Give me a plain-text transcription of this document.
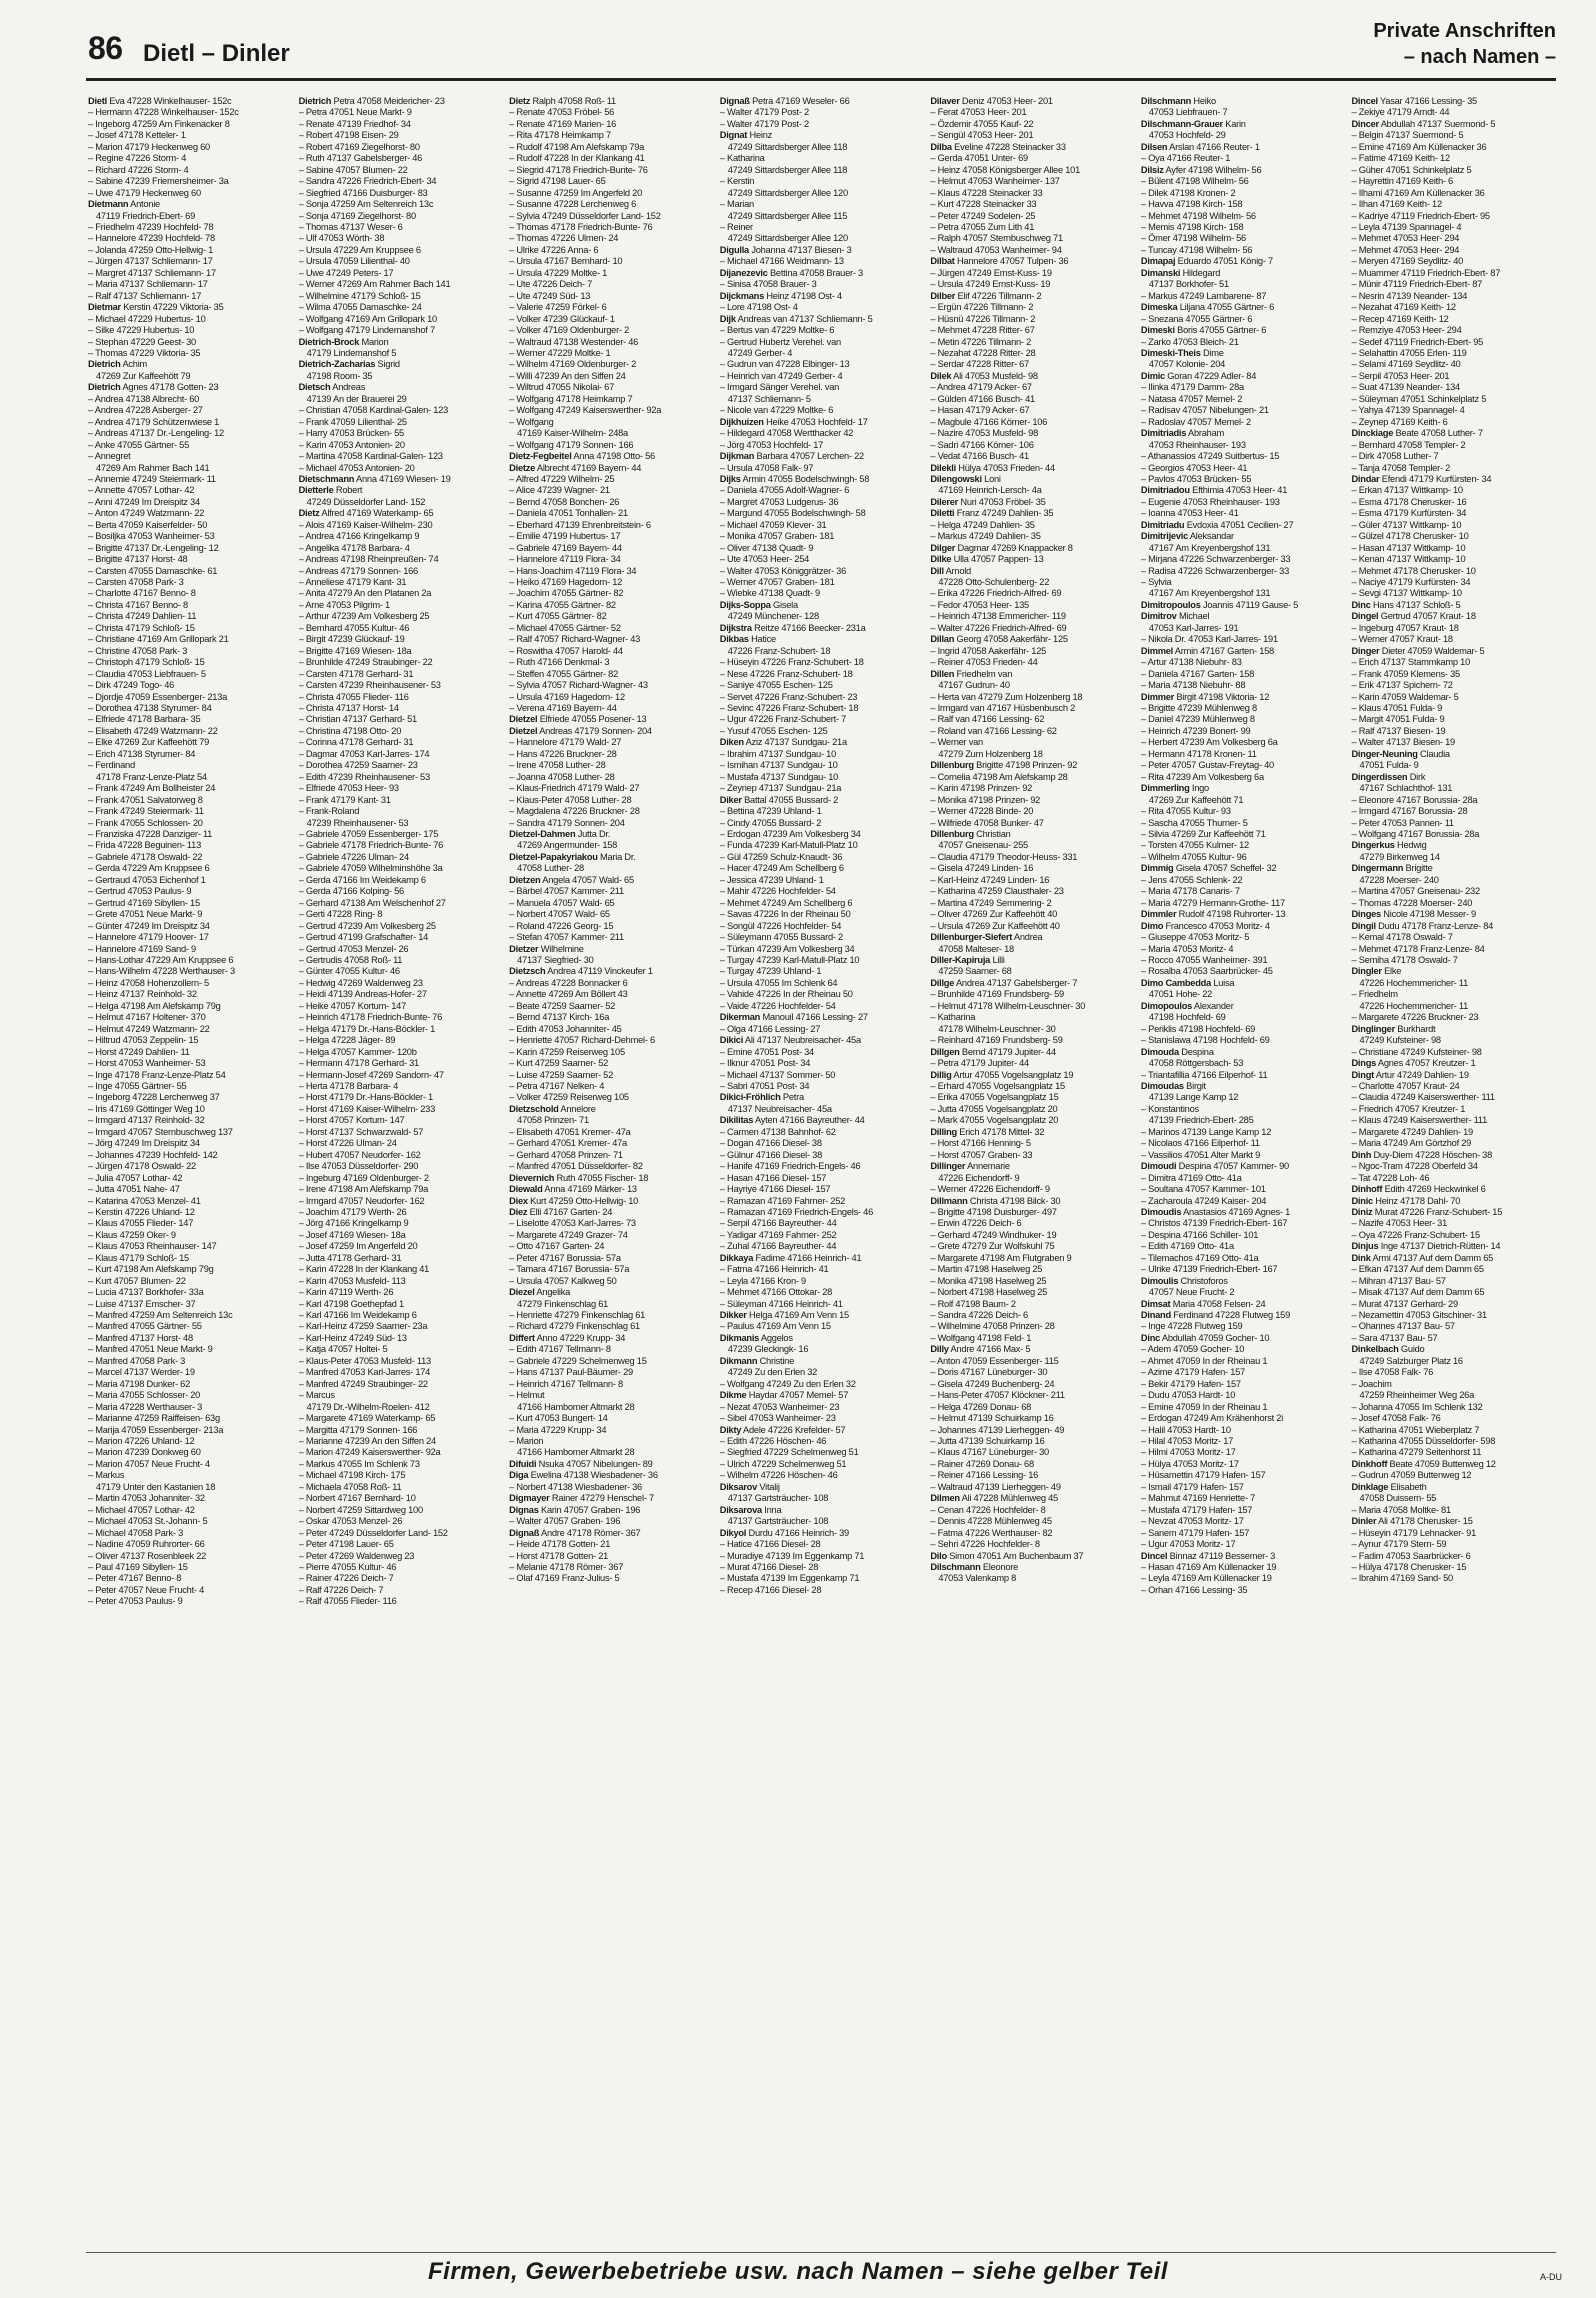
86 Dietl – Dinler
Private Anschriften
– nach Namen –
Dietl Eva 47228 Winkelhauser- 152c
– Hermann 47228 Winkelhauser- 152c
– Ingeborg 47259 Am Finkenacker 8
– Josef 47178 Ketteler- 1
– Marion 47179 Heckenweg 60
– Regine 47226 Storm- 4
– Richard 47226 Storm- 4
– Sabine 47239 Friemersheimer- 3a
– Uwe 47179 Heckenweg 60
Dietmann Antonie
47119 Friedrich-Ebert- 69
– Friedhelm 47239 Hochfeld- 78
– Hannelore 47239 Hochfeld- 78
– Jolanda 47259 Otto-Hellwig- 1
– Jürgen 47137 Schliemann- 17
– Margret 47137 Schliemann- 17
– Maria 47137 Schliemann- 17
– Ralf 47137 Schliemann- 17
Dietmar Kerstin 47229 Viktoria- 35
– Michael 47229 Hubertus- 10
– Silke 47229 Hubertus- 10
– Stephan 47229 Geest- 30
– Thomas 47229 Viktoria- 35
Dietrich Achim
47269 Zur Kaffeehött 79
Dietrich Agnes 47178 Gotten- 23
– Andrea 47138 Albrecht- 60
– Andrea 47228 Asberger- 27
– Andrea 47179 Schützenwiese 1
– Andreas 47137 Dr.-Lengeling- 12
– Anke 47055 Gärtner- 55
– Annegret
47269 Am Rahmer Bach 141
– Annemie 47249 Steiermark- 11
– Annette 47057 Lothar- 42
– Anni 47249 Im Dreispitz 34
– Anton 47249 Watzmann- 22
– Berta 47059 Kaiserfelder- 50
– Bosiljka 47053 Wanheimer- 53
– Brigitte 47137 Dr.-Lengeling- 12
– Brigitte 47137 Horst- 48
– Carsten 47055 Damaschke- 61
– Carsten 47058 Park- 3
– Charlotte 47167 Benno- 8
– Christa 47167 Benno- 8
– Christa 47249 Dahlien- 11
– Christa 47179 Schloß- 15
– Christiane 47169 Am Grillopark 21
– Christine 47058 Park- 3
– Christoph 47179 Schloß- 15
– Claudia 47053 Liebfrauen- 5
– Dirk 47249 Togo- 46
– Djordje 47059 Essenberger- 213a
– Dorothea 47138 Styrumer- 84
– Elfriede 47178 Barbara- 35
– Elisabeth 47249 Watzmann- 22
– Elke 47269 Zur Kaffeehött 79
– Erich 47138 Styrumer- 84
– Ferdinand
47178 Franz-Lenze-Platz 54
– Frank 47249 Am Bollheister 24
– Frank 47051 Salvatorweg 8
– Frank 47249 Steiermark- 11
– Frank 47055 Schlossen- 20
– Franziska 47228 Danziger- 11
– Frida 47228 Beguinen- 113
– Gabriele 47178 Oswald- 22
– Gerda 47229 Am Kruppsee 6
– Gertraud 47053 Eichenhof 1
– Gertrud 47053 Paulus- 9
– Gertrud 47169 Sibyllen- 15
– Grete 47051 Neue Markt- 9
– Günter 47249 Im Dreispitz 34
– Hannelore 47179 Hoover- 17
– Hannelore 47169 Sand- 9
– Hans-Lothar 47229 Am Kruppsee 6
– Hans-Wilhelm 47228 Werthauser- 3
– Heinz 47058 Hohenzollern- 5
– Heinz 47137 Reinhold- 32
– Helga 47198 Am Alefskamp 79g
– Helmut 47167 Holtener- 370
– Helmut 47249 Watzmann- 22
– Hiltrud 47053 Zeppelin- 15
– Horst 47249 Dahlien- 11
– Horst 47053 Wanheimer- 53
– Inge 47178 Franz-Lenze-Platz 54
– Inge 47055 Gärtner- 55
– Ingeborg 47228 Lerchenweg 37
– Iris 47169 Göttinger Weg 10
– Irmgard 47137 Reinhold- 32
– Irmgard 47057 Sternbuschweg 137
– Jörg 47249 Im Dreispitz 34
– Johannes 47239 Hochfeld- 142
– Jürgen 47178 Oswald- 22
– Julia 47057 Lothar- 42
– Jutta 47051 Nahe- 47
– Katarina 47053 Menzel- 41
– Kerstin 47226 Uhland- 12
– Klaus 47055 Flieder- 147
– Klaus 47259 Oker- 9
– Klaus 47053 Rheinhauser- 147
– Klaus 47179 Schloß- 15
– Kurt 47198 Am Alefskamp 79g
– Kurt 47057 Blumen- 22
– Lucia 47137 Borkhofer- 33a
– Luise 47137 Emscher- 37
– Manfred 47259 Am Seltenreich 13c
– Manfred 47055 Gärtner- 55
– Manfred 47137 Horst- 48
– Manfred 47051 Neue Markt- 9
– Manfred 47058 Park- 3
– Marcel 47137 Werder- 19
– Maria 47198 Dunker- 62
– Maria 47055 Schlosser- 20
– Maria 47228 Werthauser- 3
– Marianne 47259 Raiffeisen- 63g
– Marija 47059 Essenberger- 213a
– Marion 47226 Uhland- 12
– Marion 47239 Donkweg 60
– Marion 47057 Neue Frucht- 4
– Markus
47179 Unter den Kastanien 18
– Martin 47053 Johanniter- 32
– Michael 47057 Lothar- 42
– Michael 47053 St.-Johann- 5
– Michael 47058 Park- 3
– Nadine 47059 Ruhrorter- 66
– Oliver 47137 Rosenbleek 22
– Paul 47169 Sibyllen- 15
– Peter 47167 Benno- 8
– Peter 47057 Neue Frucht- 4
– Peter 47053 Paulus- 9
Dietrich Petra 47058 Meidericher- 23
– Petra 47051 Neue Markt- 9
– Renate 47139 Friedhof- 34
– Robert 47198 Eisen- 29
– Robert 47169 Ziegelhorst- 80
– Ruth 47137 Gabelsberger- 46
– Sabine 47057 Blumen- 22
– Sandra 47226 Friedrich-Ebert- 34
– Siegfried 47166 Duisburger- 83
– Sonja 47259 Am Seltenreich 13c
– Sonja 47169 Ziegelhorst- 80
– Thomas 47137 Weser- 6
– Ulf 47053 Wörth- 38
– Ursula 47229 Am Kruppsee 6
– Ursula 47059 Lilienthal- 40
– Uwe 47249 Peters- 17
– Werner 47269 Am Rahmer Bach 141
– Wilhelmine 47179 Schloß- 15
– Wilma 47055 Damaschke- 24
– Wolfgang 47169 Am Grillopark 10
– Wolfgang 47179 Lindemanshof 7
Dietrich-Brock Marion
47179 Lindemanshof 5
Dietrich-Zacharias Sigrid
47198 Room- 35
Dietsch Andreas
47139 An der Brauerei 29
– Christian 47058 Kardinal-Galen- 123
– Frank 47059 Lilienthal- 25
– Harry 47053 Brücken- 55
– Karin 47053 Antonien- 20
– Martina 47058 Kardinal-Galen- 123
– Michael 47053 Antonien- 20
Dietschmann Anna 47169 Wiesen- 19
Dietterle Robert
47249 Düsseldorfer Land- 152
Dietz Alfred 47169 Waterkamp- 65
– Alois 47169 Kaiser-Wilhelm- 230
– Andrea 47166 Kringelkamp 9
– Angelika 47178 Barbara- 4
– Andreas 47198 Rheinpreußen- 74
– Andreas 47179 Sonnen- 166
– Anneliese 47179 Kant- 31
– Anita 47279 An den Platanen 2a
– Arne 47053 Pilgrim- 1
– Arthur 47239 Am Volkesberg 25
– Bernhard 47055 Kultur- 46
– Birgit 47239 Glückauf- 19
– Brigitte 47169 Wiesen- 18a
– Brunhilde 47249 Straubinger- 22
– Carsten 47178 Gerhard- 31
– Carsten 47239 Rheinhausener- 53
– Christa 47055 Flieder- 116
– Christa 47137 Horst- 14
– Christian 47137 Gerhard- 51
– Christina 47198 Otto- 20
– Corinna 47178 Gerhard- 31
– Dagmar 47053 Karl-Jarres- 174
– Dorothea 47259 Saarner- 23
– Edith 47239 Rheinhausener- 53
– Elfriede 47053 Heer- 93
– Frank 47179 Kant- 31
– Frank-Roland
47239 Rheinhausener- 53
– Gabriele 47059 Essenberger- 175
– Gabriele 47178 Friedrich-Bunte- 76
– Gabriele 47226 Ulman- 24
– Gabriele 47059 Wilhelminshöhe 3a
– Gerda 47166 Im Weidekamp 6
– Gerda 47166 Kolping- 56
– Gerhard 47138 Am Welschenhof 27
– Gerti 47228 Ring- 8
– Gertrud 47239 Am Volkesberg 25
– Gertrud 47199 Grafschafter- 14
– Gertrud 47053 Menzel- 26
– Gertrudis 47058 Roß- 11
– Günter 47055 Kultur- 46
– Hedwig 47269 Waldenweg 23
– Heidi 47139 Andreas-Hofer- 27
– Heike 47057 Kortum- 147
– Heinrich 47178 Friedrich-Bunte- 76
– Helga 47179 Dr.-Hans-Böckler- 1
– Helga 47228 Jäger- 89
– Helga 47057 Kammer- 120b
– Hermann 47178 Gerhard- 31
– Hermann-Josef 47269 Sandorn- 47
– Herta 47178 Barbara- 4
– Horst 47179 Dr.-Hans-Böckler- 1
– Horst 47169 Kaiser-Wilhelm- 233
– Horst 47057 Kortum- 147
– Horst 47137 Schwarzwald- 57
– Horst 47226 Ulman- 24
– Hubert 47057 Neudorfer- 162
– Ilse 47053 Düsseldorfer- 290
– Ingeburg 47169 Oldenburger- 2
– Irene 47198 Am Alefskamp 79a
– Irmgard 47057 Neudorfer- 162
– Joachim 47179 Werth- 26
– Jörg 47166 Kringelkamp 9
– Josef 47169 Wiesen- 18a
– Josef 47259 Im Angerfeld 20
– Jutta 47178 Gerhard- 31
– Karin 47228 In der Klankang 41
– Karin 47053 Musfeld- 113
– Karin 47119 Werth- 26
– Karl 47198 Goethepfad 1
– Karl 47166 Im Weidekamp 6
– Karl-Heinz 47259 Saarner- 23a
– Karl-Heinz 47249 Süd- 13
– Katja 47057 Holtei- 5
– Klaus-Peter 47053 Musfeld- 113
– Manfred 47053 Karl-Jarres- 174
– Manfred 47249 Straubinger- 22
– Marcus
47179 Dr.-Wilhelm-Roelen- 412
– Margarete 47169 Waterkamp- 65
– Margitta 47179 Sonnen- 166
– Marianne 47239 An den Siffen 24
– Marion 47249 Kaiserswerther- 92a
– Markus 47055 Im Schlenk 73
– Michael 47198 Kirch- 175
– Michaela 47058 Roß- 11
– Norbert 47167 Bernhard- 10
– Norbert 47259 Sittardweg 100
– Oskar 47053 Menzel- 26
– Peter 47249 Düsseldorfer Land- 152
– Peter 47198 Lauer- 65
– Peter 47269 Waldenweg 23
– Pierre 47055 Kultur- 46
– Rainer 47226 Deich- 7
– Ralf 47226 Deich- 7
– Ralf 47055 Flieder- 116
Dietz Ralph 47058 Roß- 11
– Renate 47053 Fröbel- 56
– Renate 47169 Marien- 16
– Rita 47178 Heimkamp 7
– Rudolf 47198 Am Alefskamp 79a
– Rudolf 47228 In der Klankang 41
– Siegrid 47178 Friedrich-Bunte- 76
– Sigrid 47198 Lauer- 65
– Susanne 47259 Im Angerfeld 20
– Susanne 47228 Lerchenweg 6
– Sylvia 47249 Düsseldorfer Land- 152
– Thomas 47178 Friedrich-Bunte- 76
– Thomas 47226 Ulmen- 24
– Ulrike 47226 Anna- 6
– Ursula 47167 Bernhard- 10
– Ursula 47229 Moltke- 1
– Ute 47226 Deich- 7
– Ute 47249 Süd- 13
– Valerie 47259 Förkel- 6
– Volker 47239 Glückauf- 1
– Volker 47169 Oldenburger- 2
– Waltraud 47138 Westender- 46
– Werner 47229 Moltke- 1
– Wilhelm 47169 Oldenburger- 2
– Willi 47239 An den Siffen 24
– Wiltrud 47055 Nikolai- 67
– Wolfgang 47178 Heimkamp 7
– Wolfgang 47249 Kaiserswerther- 92a
– Wolfgang
47169 Kaiser-Wilhelm- 248a
– Wolfgang 47179 Sonnen- 166
Dietz-Fegbeitel Anna 47198 Otto- 56
Dietze Albrecht 47169 Bayern- 44
– Alfred 47229 Wilhelm- 25
– Alice 47239 Wagner- 21
– Bernd 47058 Bonchen- 26
– Daniela 47051 Tonhallen- 21
– Eberhard 47139 Ehrenbreitstein- 6
– Emilie 47199 Hubertus- 17
– Gabriele 47169 Bayern- 44
– Hannelore 47119 Flora- 34
– Hans-Joachim 47119 Flora- 34
– Heiko 47169 Hagedorn- 12
– Joachim 47055 Gärtner- 82
– Karina 47055 Gärtner- 82
– Kurt 47055 Gärtner- 82
– Michael 47055 Gärtner- 52
– Ralf 47057 Richard-Wagner- 43
– Roswitha 47057 Harold- 44
– Ruth 47166 Denkmal- 3
– Steffen 47055 Gärtner- 82
– Sylvia 47057 Richard-Wagner- 43
– Ursula 47169 Hagedorn- 12
– Verena 47169 Bayern- 44
Dietzel Elfriede 47055 Posener- 13
Dietzel Andreas 47179 Sonnen- 204
– Hannelore 47179 Wald- 27
– Hans 47226 Bruckner- 28
– Irene 47058 Luther- 28
– Joanna 47058 Luther- 28
– Klaus-Friedrich 47179 Wald- 27
– Klaus-Peter 47058 Luther- 28
– Magdalena 47226 Bruckner- 28
– Sandra 47179 Sonnen- 204
Dietzel-Dahmen Jutta Dr.
47269 Angermunder- 158
Dietzel-Papakyriakou Maria Dr.
47058 Luther- 28
Dietzen Angela 47057 Wald- 65
– Bärbel 47057 Kammer- 211
– Manuela 47057 Wald- 65
– Norbert 47057 Wald- 65
– Roland 47226 Georg- 15
– Stefan 47057 Kammer- 211
Dietzer Wilhelmine
47137 Siegfried- 30
Dietzsch Andrea 47119 Vinckeufer 1
– Andreas 47228 Bonnacker 6
– Annette 47269 Am Böllert 43
– Beate 47259 Saarner- 52
– Bernd 47137 Kirch- 16a
– Edith 47053 Johanniter- 45
– Henriette 47057 Richard-Dehmel- 6
– Karin 47259 Reiserweg 105
– Kurt 47259 Saarner- 52
– Luise 47259 Saarner- 52
– Petra 47167 Nelken- 4
– Volker 47259 Reiserweg 105
Dietzschold Annelore
47058 Prinzen- 71
– Elisabeth 47051 Kremer- 47a
– Gerhard 47051 Kremer- 47a
– Gerhard 47058 Prinzen- 71
– Manfred 47051 Düsseldorfer- 82
Dievernich Ruth 47055 Fischer- 18
Diewald Anna 47169 Märker- 13
Diex Kurt 47259 Otto-Hellwig- 10
Diez Elli 47167 Garten- 24
– Liselotte 47053 Karl-Jarres- 73
– Margarete 47249 Grazer- 74
– Otto 47167 Garten- 24
– Peter 47167 Borussia- 57a
– Tamara 47167 Borussia- 57a
– Ursula 47057 Kalkweg 50
Diezel Angelika
47279 Finkenschlag 61
– Henriette 47279 Finkenschlag 61
– Richard 47279 Finkenschlag 61
Differt Anno 47229 Krupp- 34
– Edith 47167 Tellmann- 8
– Gabriele 47229 Schelmenweg 15
– Hans 47137 Paul-Bäumer- 29
– Heinrich 47167 Tellmann- 8
– Helmut
47166 Hamborner Altmarkt 28
– Kurt 47053 Bungert- 14
– Maria 47229 Krupp- 34
– Marion
47166 Hamborner Altmarkt 28
Difuidi Nsuka 47057 Nibelungen- 89
Diga Ewelina 47138 Wiesbadener- 36
– Norbert 47138 Wiesbadener- 36
Digmayer Rainer 47279 Henschel- 7
Dignas Karin 47057 Graben- 196
– Walter 47057 Graben- 196
Dignaß Andre 47178 Römer- 367
– Heide 47178 Gotten- 21
– Horst 47178 Gotten- 21
– Melanie 47178 Römer- 367
– Olaf 47169 Franz-Julius- 5
Dignaß Petra 47169 Weseler- 66
– Walter 47179 Post- 2
– Walter 47179 Post- 2
Dignat Heinz
47249 Sittardsberger Allee 118
– Katharina
47249 Sittardsberger Allee 118
– Kerstin
47249 Sittardsberger Allee 120
– Marian
47249 Sittardsberger Allee 115
– Reiner
47249 Sittardsberger Allee 120
Digulla Johanna 47137 Biesen- 3
– Michael 47166 Weidmann- 13
Dijanezevic Bettina 47058 Brauer- 3
– Sinisa 47058 Brauer- 3
Dijckmans Heinz 47198 Ost- 4
– Lore 47198 Ost- 4
Dijk Andreas van 47137 Schliemann- 5
– Bertus van 47229 Moltke- 6
– Gertrud Hubertz Verehel. van
47249 Gerber- 4
– Gudrun van 47228 Elbinger- 13
– Heinrich van 47249 Gerber- 4
– Irmgard Sänger Verehel. van
47137 Schliemann- 5
– Nicole van 47229 Moltke- 6
Dijkhuizen Heike 47053 Hochfeld- 17
– Hildegard 47058 Wertthacker 42
– Jörg 47053 Hochfeld- 17
Dijkman Barbara 47057 Lerchen- 22
– Ursula 47058 Falk- 97
Dijks Armin 47055 Bodelschwingh- 58
– Daniela 47055 Adolf-Wagner- 6
– Margret 47053 Ludgerus- 36
– Margund 47055 Bodelschwingh- 58
– Michael 47059 Klever- 31
– Monika 47057 Graben- 181
– Oliver 47138 Quadt- 9
– Ute 47053 Heer- 254
– Walter 47053 Königgrätzer- 36
– Werner 47057 Graben- 181
– Wiebke 47138 Quadt- 9
Dijks-Soppa Gisela
47249 Münchener- 128
Dijkstra Reitze 47166 Beecker- 231a
Dikbas Hatice
47226 Franz-Schubert- 18
– Hüseyin 47226 Franz-Schubert- 18
– Nese 47226 Franz-Schubert- 18
– Saniye 47055 Eschen- 125
– Servet 47226 Franz-Schubert- 23
– Sevinc 47226 Franz-Schubert- 18
– Ugur 47226 Franz-Schubert- 7
– Yusuf 47055 Eschen- 125
Diken Aziz 47137 Sundgau- 21a
– Ibrahim 47137 Sundgau- 10
– Ismihan 47137 Sundgau- 10
– Mustafa 47137 Sundgau- 10
– Zeynep 47137 Sundgau- 21a
Diker Battal 47055 Bussard- 2
– Bettina 47239 Uhland- 1
– Cindy 47055 Bussard- 2
– Erdogan 47239 Am Volkesberg 34
– Funda 47239 Karl-Matull-Platz 10
– Gül 47259 Schulz-Knaudt- 36
– Hacer 47249 Am Schellberg 6
– Jessica 47239 Uhland- 1
– Mahir 47226 Hochfelder- 54
– Mehmet 47249 Am Schellberg 6
– Savas 47226 In der Rheinau 50
– Songül 47226 Hochfelder- 54
– Süleymann 47055 Bussard- 2
– Türkan 47239 Am Volkesberg 34
– Turgay 47239 Karl-Matull-Platz 10
– Turgay 47239 Uhland- 1
– Ursula 47055 Im Schlenk 64
– Vahide 47226 In der Rheinau 50
– Vaide 47226 Hochfelder- 54
Dikerman Manouil 47166 Lessing- 27
– Olga 47166 Lessing- 27
Dikici Ali 47137 Neubreisacher- 45a
– Emine 47051 Post- 34
– Ilknur 47051 Post- 34
– Michael 47137 Sommer- 50
– Sabri 47051 Post- 34
Dikici-Fröhlich Petra
47137 Neubreisacher- 45a
Dikilitas Ayten 47166 Bayreuther- 44
– Carmen 47138 Bahnhof- 62
– Dogan 47166 Diesel- 38
– Gülnur 47166 Diesel- 38
– Hanife 47169 Friedrich-Engels- 46
– Hasan 47166 Diesel- 157
– Hayriye 47166 Diesel- 157
– Ramazan 47169 Fahrner- 252
– Ramazan 47169 Friedrich-Engels- 46
– Serpil 47166 Bayreuther- 44
– Yadigar 47169 Fahrner- 252
– Zuhal 47166 Bayreuther- 44
Dikkaya Fadime 47166 Heinrich- 41
– Fatma 47166 Heinrich- 41
– Leyla 47166 Kron- 9
– Mehmet 47166 Ottokar- 28
– Süleyman 47166 Heinrich- 41
Dikker Helga 47169 Am Venn 15
– Paulus 47169 Am Venn 15
Dikmanis Aggelos
47239 Gleckingk- 16
Dikmann Christine
47249 Zu den Erlen 32
– Wolfgang 47249 Zu den Erlen 32
Dikme Haydar 47057 Memel- 57
– Nezat 47053 Wanheimer- 23
– Sibel 47053 Wanheimer- 23
Dikty Adele 47226 Krefelder- 57
– Edith 47226 Höschen- 46
– Siegfried 47229 Schelmenweg 51
– Ulrich 47229 Schelmenweg 51
– Wilhelm 47226 Höschen- 46
Diksarov Vitalij
47137 Gartsträucher- 108
Diksarova Inna
47137 Gartsträucher- 108
Dikyol Durdu 47166 Heinrich- 39
– Hatice 47166 Diesel- 28
– Muradiye 47139 Im Eggenkamp 71
– Murat 47166 Diesel- 28
– Mustafa 47139 Im Eggenkamp 71
– Recep 47166 Diesel- 28
Dilaver Deniz 47053 Heer- 201
– Ferat 47053 Heer- 201
– Özdemir 47055 Kauf- 22
– Sengül 47053 Heer- 201
Dilba Eveline 47228 Steinacker 33
– Gerda 47051 Unter- 69
– Heinz 47058 Königsberger Allee 101
– Helmut 47053 Wanheimer- 137
– Klaus 47228 Steinacker 33
– Kurt 47228 Steinacker 33
– Peter 47249 Sodelen- 25
– Petra 47055 Zum Lith 41
– Ralph 47057 Sternbuschweg 71
– Waltraud 47053 Wanheimer- 94
Dilbat Hannelore 47057 Tulpen- 36
– Jürgen 47249 Ernst-Kuss- 19
– Ursula 47249 Ernst-Kuss- 19
Dilber Elif 47226 Tillmann- 2
– Ergün 47226 Tillmann- 2
– Hüsnü 47226 Tillmann- 2
– Mehmet 47228 Ritter- 67
– Metin 47226 Tillmann- 2
– Nezahat 47228 Ritter- 28
– Serdar 47228 Ritter- 67
Dilek Ali 47053 Musfeld- 98
– Andrea 47179 Acker- 67
– Gülden 47166 Busch- 41
– Hasan 47179 Acker- 67
– Magbule 47166 Körner- 106
– Nazire 47053 Musfeld- 98
– Sadri 47166 Körner- 106
– Vedat 47166 Busch- 41
Dilekli Hülya 47053 Frieden- 44
Dilengowski Loni
47169 Heinrich-Lersch- 4a
Dilerer Nuri 47053 Fröbel- 35
Diletti Franz 47249 Dahlien- 35
– Helga 47249 Dahlien- 35
– Markus 47249 Dahlien- 35
Dilger Dagmar 47269 Knappacker 8
Dilke Ulla 47057 Pappen- 13
Dill Arnold
47228 Otto-Schulenberg- 22
– Erika 47226 Friedrich-Alfred- 69
– Fedor 47053 Heer- 135
– Heinrich 47138 Emmericher- 119
– Walter 47226 Friedrich-Alfred- 69
Dillan Georg 47058 Aakerfähr- 125
– Ingrid 47058 Aakerfähr- 125
– Reiner 47053 Frieden- 44
Dillen Friedhelm van
47167 Gudrun- 40
– Herta van 47279 Zum Holzenberg 18
– Irmgard van 47167 Hüsbenbusch 2
– Ralf van 47166 Lessing- 62
– Roland van 47166 Lessing- 62
– Werner van
47279 Zum Holzenberg 18
Dillenburg Brigitte 47198 Prinzen- 92
– Cornelia 47198 Am Alefskamp 28
– Karin 47198 Prinzen- 92
– Monika 47198 Prinzen- 92
– Werner 47228 Binde- 20
– Wilfriede 47058 Bunker- 47
Dillenburg Christian
47057 Gneisenau- 255
– Claudia 47179 Theodor-Heuss- 331
– Gisela 47249 Linden- 16
– Karl-Heinz 47249 Linden- 16
– Katharina 47259 Clausthaler- 23
– Martina 47249 Semmering- 2
– Oliver 47269 Zur Kaffeehött 40
– Ursula 47269 Zur Kaffeehött 40
Dillenburger-Siefert Andrea
47058 Malteser- 18
Diller-Kapiruja Lilli
47259 Saarner- 68
Dillge Andrea 47137 Gabelsberger- 7
– Brunhilde 47169 Frundsberg- 59
– Helmut 47178 Wilhelm-Leuschner- 30
– Katharina
47178 Wilhelm-Leuschner- 30
– Reinhard 47169 Frundsberg- 59
Dillgen Bernd 47179 Jupiter- 44
– Petra 47179 Jupiter- 44
Dillig Artur 47055 Vogelsangplatz 19
– Erhard 47055 Vogelsangplatz 15
– Erika 47055 Vogelsangplatz 15
– Jutta 47055 Vogelsangplatz 20
– Mark 47055 Vogelsangplatz 20
Dilling Erich 47178 Mittel- 32
– Horst 47166 Henning- 5
– Horst 47057 Graben- 33
Dillinger Annemarie
47226 Eichendorff- 9
– Werner 47226 Eichendorff- 9
Dillmann Christa 47198 Bilck- 30
– Brigitte 47198 Duisburger- 497
– Erwin 47226 Deich- 6
– Gerhard 47249 Windhuker- 19
– Grete 47279 Zur Wolfskuhl 75
– Margarete 47198 Am Flutgraben 9
– Martin 47198 Haselweg 25
– Monika 47198 Haselweg 25
– Norbert 47198 Haselweg 25
– Rolf 47198 Baum- 2
– Sandra 47226 Deich- 6
– Wilhelmine 47058 Prinzen- 28
– Wolfgang 47198 Feld- 1
Dilly Andre 47166 Max- 5
– Anton 47059 Essenberger- 115
– Doris 47167 Lüneburger- 30
– Gisela 47249 Buchenberg- 24
– Hans-Peter 47057 Klöckner- 211
– Helga 47269 Donau- 68
– Helmut 47139 Schuirkamp 16
– Johannes 47139 Lierheggen- 49
– Jutta 47139 Schuirkamp 16
– Klaus 47167 Lüneburger- 30
– Rainer 47269 Donau- 68
– Reiner 47166 Lessing- 16
– Waltraud 47139 Lierheggen- 49
Dilmen Ali 47228 Mühlenweg 45
– Cenan 47226 Hochfelder- 8
– Dennis 47228 Mühlenweg 45
– Fatma 47226 Werthauser- 82
– Sehri 47226 Hochfelder- 8
Dilo Simon 47051 Am Buchenbaum 37
Dilschmann Eleonore
47053 Valenkamp 8
Dilschmann Heiko
47053 Liebfrauen- 7
Dilschmann-Grauer Karin
47053 Hochfeld- 29
Dilsen Arslan 47166 Reuter- 1
– Oya 47166 Reuter- 1
Dilsiz Ayfer 47198 Wilhelm- 56
– Bülent 47198 Wilhelm- 56
– Dilek 47198 Kronen- 2
– Havva 47198 Kirch- 158
– Mehmet 47198 Wilhelm- 56
– Memis 47198 Kirch- 158
– Ömer 47198 Wilhelm- 56
– Tuncay 47198 Wilhelm- 56
Dimapaj Eduardo 47051 König- 7
Dimanski Hildegard
47137 Borkhofer- 51
– Markus 47249 Lambarene- 87
Dimeska Liljana 47055 Gärtner- 6
– Snezana 47055 Gärtner- 6
Dimeski Boris 47055 Gärtner- 6
– Zarko 47053 Bleich- 21
Dimeski-Theis Dime
47057 Kolonie- 204
Dimic Goran 47229 Adler- 84
– Ilinka 47179 Damm- 28a
– Natasa 47057 Memel- 2
– Radisav 47057 Nibelungen- 21
– Radoslav 47057 Memel- 2
Dimitriadis Abraham
47053 Rheinhauser- 193
– Athanassios 47249 Suitbertus- 15
– Georgios 47053 Heer- 41
– Pavlos 47053 Brücken- 55
Dimitriadou Efthimia 47053 Heer- 41
– Eugenie 47053 Rheinhauser- 193
– Ioanna 47053 Heer- 41
Dimitriadu Evdoxia 47051 Cecilien- 27
Dimitrijevic Aleksandar
47167 Am Kreyenbergshof 131
– Mirjana 47226 Schwarzenberger- 33
– Radisa 47226 Schwarzenberger- 33
– Sylvia
47167 Am Kreyenbergshof 131
Dimitropoulos Joannis 47119 Gause- 5
Dimitrov Michael
47053 Karl-Jarres- 191
– Nikola Dr. 47053 Karl-Jarres- 191
Dimmel Armin 47167 Garten- 158
– Artur 47138 Niebuhr- 83
– Daniela 47167 Garten- 158
– Maria 47138 Niebuhr- 88
Dimmer Birgit 47198 Viktoria- 12
– Brigitte 47239 Mühlenweg 8
– Daniel 47239 Mühlenweg 8
– Heinrich 47239 Bonert- 99
– Herbert 47239 Am Volkesberg 6a
– Hermann 47178 Kronen- 11
– Peter 47057 Gustav-Freytag- 40
– Rita 47239 Am Volkesberg 6a
Dimmerling Ingo
47269 Zur Kaffeehött 71
– Rita 47055 Kultur- 93
– Sascha 47055 Thurner- 5
– Silvia 47269 Zur Kaffeehött 71
– Torsten 47055 Kulmer- 12
– Wilhelm 47055 Kultur- 96
Dimmig Gisela 47057 Scheffel- 32
– Jens 47055 Schlenk- 22
– Maria 47178 Canaris- 7
– Maria 47279 Hermann-Grothe- 117
Dimmler Rudolf 47198 Ruhrorter- 13
Dimo Francesco 47053 Moritz- 4
– Giuseppe 47053 Moritz- 5
– Maria 47053 Moritz- 4
– Rocco 47055 Wanheimer- 391
– Rosalba 47053 Saarbrücker- 45
Dimo Cambedda Luisa
47051 Hohe- 22
Dimopoulos Alexander
47198 Hochfeld- 69
– Periklis 47198 Hochfeld- 69
– Stanislawa 47198 Hochfeld- 69
Dimouda Despina
47058 Röttgersbach- 53
– Triantafillia 47166 Eilperhof- 11
Dimoudas Birgit
47139 Lange Kamp 12
– Konstantinos
47139 Friedrich-Ebert- 285
– Marinos 47139 Lange Kamp 12
– Nicolaos 47166 Eilperhof- 11
– Vassilios 47051 Alter Markt 9
Dimoudi Despina 47057 Kammer- 90
– Dimitra 47169 Otto- 41a
– Soultana 47057 Kammer- 101
– Zacharoula 47249 Kaiser- 204
Dimoudis Anastasios 47169 Agnes- 1
– Christos 47139 Friedrich-Ebert- 167
– Despina 47166 Schiller- 101
– Edith 47169 Otto- 41a
– Tilemachos 47169 Otto- 41a
– Ulrike 47139 Friedrich-Ebert- 167
Dimoulis Christoforos
47057 Neue Frucht- 2
Dimsat Maria 47058 Felsen- 24
Dinand Ferdinand 47228 Flutweg 159
– Inge 47228 Flutweg 159
Dinc Abdullah 47059 Gocher- 10
– Adem 47059 Gocher- 10
– Ahmet 47059 In der Rheinau 1
– Azime 47179 Hafen- 157
– Bekir 47179 Hafen- 157
– Dudu 47053 Hardt- 10
– Emine 47059 In der Rheinau 1
– Erdogan 47249 Am Krähenhorst 2i
– Halil 47053 Hardt- 10
– Hilal 47053 Moritz- 17
– Hilmi 47053 Moritz- 17
– Hülya 47053 Moritz- 17
– Hüsamettin 47179 Hafen- 157
– Ismail 47179 Hafen- 157
– Mahmut 47169 Henriette- 7
– Mustafa 47179 Hafen- 157
– Nevzat 47053 Moritz- 17
– Sanem 47179 Hafen- 157
– Ugur 47053 Moritz- 17
Dincel Binnaz 47119 Bessemer- 3
– Hasan 47169 Am Küllenacker 19
– Leyla 47169 Am Küllenacker 19
– Orhan 47166 Lessing- 35
Dincel Yasar 47166 Lessing- 35
– Zekiye 47179 Arndt- 44
Dincer Abdullah 47137 Suermond- 5
– Belgin 47137 Suermond- 5
– Emine 47169 Am Küllenacker 36
– Fatime 47169 Keith- 12
– Güher 47051 Schinkelplatz 5
– Hayrettin 47169 Keith- 6
– Ilhami 47169 Am Küllenacker 36
– Ilhan 47169 Keith- 12
– Kadriye 47119 Friedrich-Ebert- 95
– Leyla 47139 Spannagel- 4
– Mehmet 47053 Heer- 294
– Mehmet 47053 Heer- 294
– Meryen 47169 Seydlitz- 40
– Muammer 47119 Friedrich-Ebert- 87
– Münir 47119 Friedrich-Ebert- 87
– Nesrin 47139 Neander- 134
– Nezahat 47169 Keith- 12
– Recep 47169 Keith- 12
– Remziye 47053 Heer- 294
– Sedef 47119 Friedrich-Ebert- 95
– Selahattin 47055 Erlen- 119
– Selami 47169 Seydlitz- 40
– Serpil 47053 Heer- 201
– Suat 47139 Neander- 134
– Süleyman 47051 Schinkelplatz 5
– Yahya 47139 Spannagel- 4
– Zeynep 47169 Keith- 6
Dinckiage Beate 47058 Luther- 7
– Bernhard 47058 Templer- 2
– Dirk 47058 Luther- 7
– Tanja 47058 Templer- 2
Dindar Efendi 47179 Kurfürsten- 34
– Erkan 47137 Wittkamp- 10
– Esma 47178 Cherusker- 16
– Esma 47179 Kurfürsten- 34
– Güler 47137 Wittkamp- 10
– Gülzel 47178 Cherusker- 10
– Hasan 47137 Wittkamp- 10
– Kenan 47137 Wittkamp- 10
– Mehmet 47178 Cherusker- 10
– Naciye 47179 Kurfürsten- 34
– Sevgi 47137 Wittkamp- 10
Dinc Hans 47137 Schloß- 5
Dingel Gertrud 47057 Kraut- 18
– Ingeburg 47057 Kraut- 18
– Werner 47057 Kraut- 18
Dinger Dieter 47059 Waldemar- 5
– Erich 47137 Stammkamp 10
– Frank 47059 Klemens- 35
– Erik 47137 Spichern- 72
– Karin 47059 Waldemar- 5
– Klaus 47051 Fulda- 9
– Margit 47051 Fulda- 9
– Ralf 47137 Biesen- 19
– Walter 47137 Biesen- 19
Dinger-Neuning Claudia
47051 Fulda- 9
Dingerdissen Dirk
47167 Schlachthof- 131
– Eleonore 47167 Borussia- 28a
– Irmgard 47167 Borussia- 28
– Peter 47053 Pannen- 11
– Wolfgang 47167 Borussia- 28a
Dingerkus Hedwig
47279 Birkenweg 14
Dingermann Brigitte
47228 Moerser- 240
– Martina 47057 Gneisenau- 232
– Thomas 47228 Moerser- 240
Dinges Nicole 47198 Messer- 9
Dingil Dudu 47178 Franz-Lenze- 84
– Kemal 47178 Oswald- 7
– Mehmet 47178 Franz-Lenze- 84
– Semiha 47178 Oswald- 7
Dingler Elke
47226 Hochemmericher- 11
– Friedhelm
47226 Hochemmericher- 11
– Margarete 47226 Bruckner- 23
Dinglinger Burkhardt
47249 Kufsteiner- 98
– Christiane 47249 Kufsteiner- 98
Dings Agnes 47057 Kreutzer- 1
Dingt Artur 47249 Dahlien- 19
– Charlotte 47057 Kraut- 24
– Claudia 47249 Kaiserswerther- 111
– Friedrich 47057 Kreutzer- 1
– Klaus 47249 Kaiserswerther- 111
– Margarete 47249 Dahlien- 19
– Maria 47249 Am Görtzhof 29
Dinh Duy-Diem 47228 Höschen- 38
– Ngoc-Tram 47228 Oberfeld 34
– Tat 47228 Loh- 46
Dinhoff Edith 47269 Heckwinkel 6
Dinic Heinz 47178 Dahl- 70
Diniz Murat 47226 Franz-Schubert- 15
– Nazife 47053 Heer- 31
– Oya 47226 Franz-Schubert- 15
Dinjus Inge 47137 Dietrich-Rütten- 14
Dink Armi 47137 Auf dem Damm 65
– Efkan 47137 Auf dem Damm 65
– Mihran 47137 Bau- 57
– Misak 47137 Auf dem Damm 65
– Murat 47137 Gerhard- 29
– Nezamettin 47053 Gitschiner- 31
– Ohannes 47137 Bau- 57
– Sara 47137 Bau- 57
Dinkelbach Guido
47249 Salzburger Platz 16
– Ilse 47058 Falk- 76
– Joachim
47259 Rheinheimer Weg 26a
– Johanna 47055 Im Schlenk 132
– Josef 47058 Falk- 76
– Katharina 47051 Wieberplatz 7
– Katharina 47055 Düsseldorfer- 598
– Katharina 47279 Seitenhorst 11
Dinkhoff Beate 47059 Buttenweg 12
– Gudrun 47059 Buttenweg 12
Dinklage Elisabeth
47058 Duissern- 55
– Maria 47058 Moltke- 81
Dinler Ali 47178 Cherusker- 15
– Hüseyin 47179 Lehnacker- 91
– Aynur 47179 Stern- 59
– Fadim 47053 Saarbrücker- 6
– Hülya 47178 Cherusker- 15
– Ibrahim 47169 Sand- 50
Firmen, Gewerbebetriebe usw. nach Namen – siehe gelber Teil	A-DU
